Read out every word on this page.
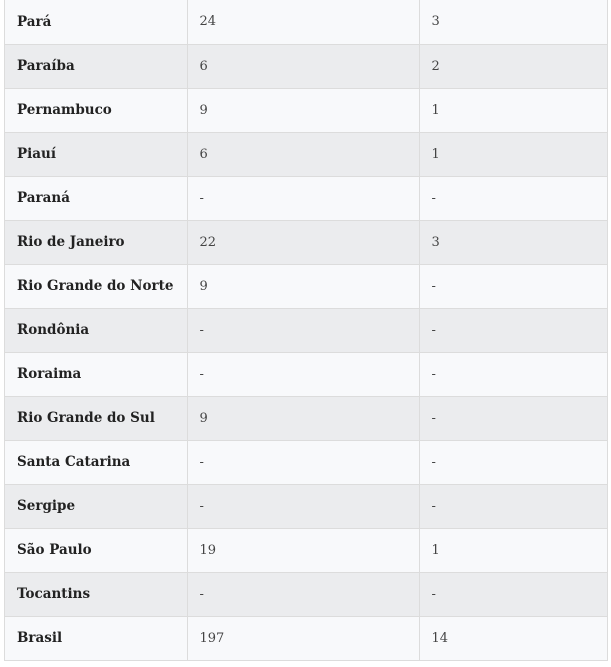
Pará	24	3
Paraíba	6	2
Pernambuco	9	1
Piauí	6	1
Paraná	-	-
Rio de Janeiro	22	3
Rio Grande do Norte	9	-
Rondônia	-	-
Roraima	-	-
Rio Grande do Sul	9	-
Santa Catarina	-	-
Sergipe	-	-
São Paulo	19	1
Tocantins	-	-
Brasil	197	14
